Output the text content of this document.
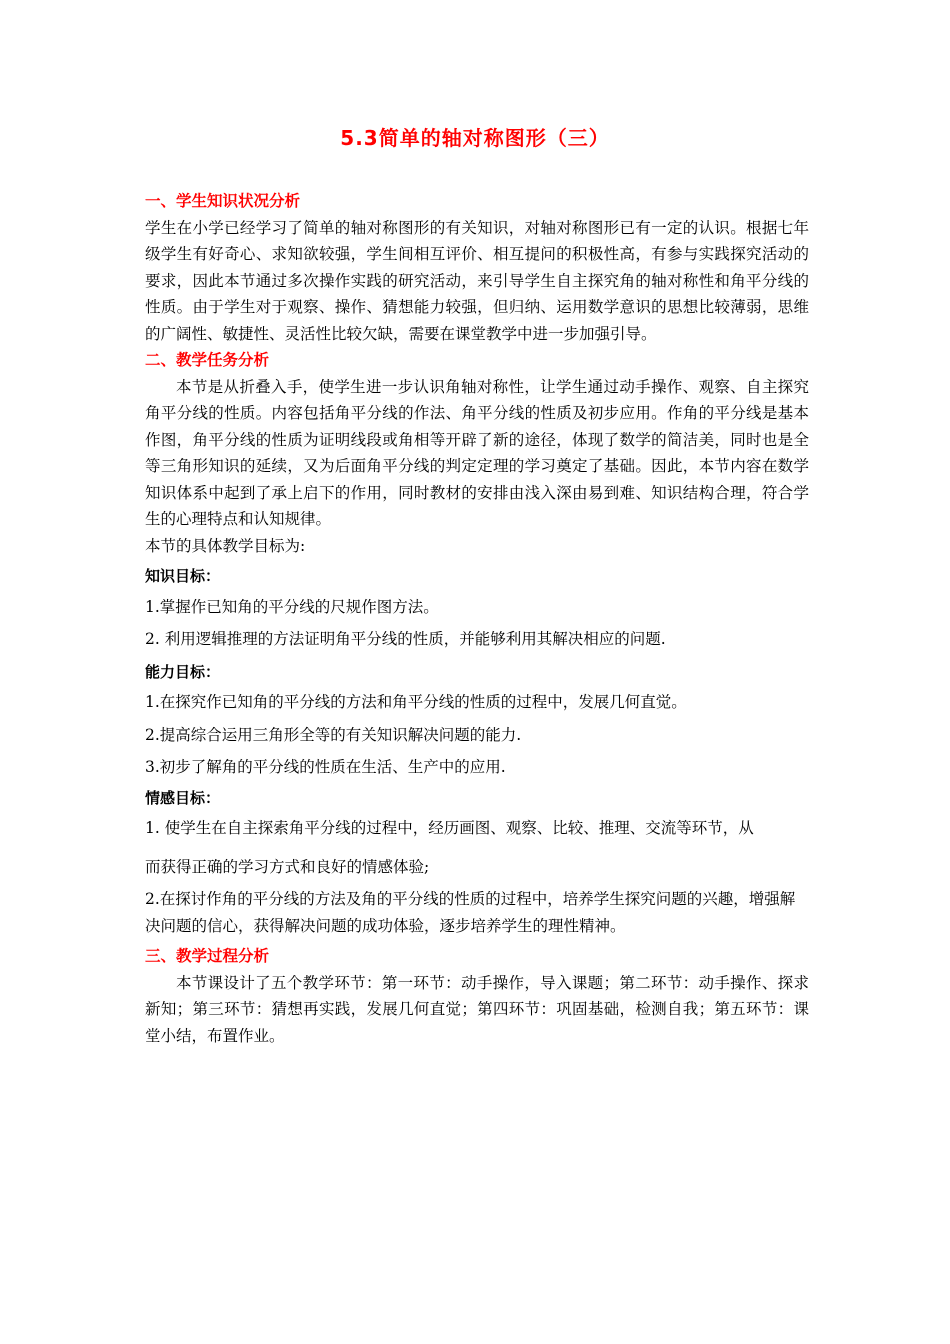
5.3简单的轴对称图形（三）

一、学生知识状况分析

学生在小学已经学习了简单的轴对称图形的有关知识，对轴对称图形已有一定的认识。根据七年级学生有好奇心、求知欲较强，学生间相互评价、相互提问的积极性高，有参与实践探究活动的要求，因此本节通过多次操作实践的研究活动，来引导学生自主探究角的轴对称性和角平分线的性质。由于学生对于观察、操作、猜想能力较强，但归纳、运用数学意识的思想比较薄弱，思维的广阔性、敏捷性、灵活性比较欠缺，需要在课堂教学中进一步加强引导。

二、教学任务分析

本节是从折叠入手，使学生进一步认识角轴对称性，让学生通过动手操作、观察、自主探究角平分线的性质。内容包括角平分线的作法、角平分线的性质及初步应用。作角的平分线是基本作图，角平分线的性质为证明线段或角相等开辟了新的途径，体现了数学的简洁美，同时也是全等三角形知识的延续，又为后面角平分线的判定定理的学习奠定了基础。因此，本节内容在数学知识体系中起到了承上启下的作用，同时教材的安排由浅入深由易到难、知识结构合理，符合学生的心理特点和认知规律。

本节的具体教学目标为:

知识目标：

1.掌握作已知角的平分线的尺规作图方法。

2. 利用逻辑推理的方法证明角平分线的性质，并能够利用其解决相应的问题.

能力目标：

1.在探究作已知角的平分线的方法和角平分线的性质的过程中，发展几何直觉。

2.提高综合运用三角形全等的有关知识解决问题的能力.

3.初步了解角的平分线的性质在生活、生产中的应用.

情感目标：

1. 使学生在自主探索角平分线的过程中，经历画图、观察、比较、推理、交流等环节，从

而获得正确的学习方式和良好的情感体验;

2.在探讨作角的平分线的方法及角的平分线的性质的过程中，培养学生探究问题的兴趣，增强解决问题的信心，获得解决问题的成功体验，逐步培养学生的理性精神。

三、教学过程分析

本节课设计了五个教学环节：第一环节：动手操作，导入课题；第二环节：动手操作、探求新知；第三环节：猜想再实践，发展几何直觉；第四环节：巩固基础，检测自我；第五环节：课堂小结，布置作业。
